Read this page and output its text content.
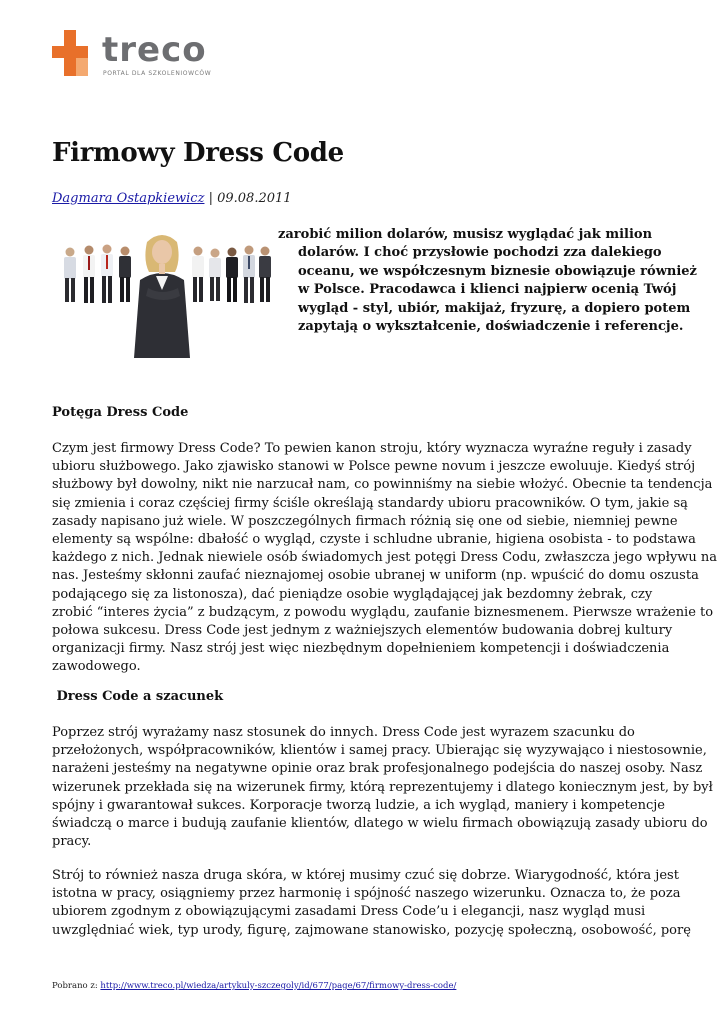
treco
PORTAL DLA SZKOLENIOWCÓW
Firmowy Dress Code
Dagmara Ostapkiewicz | 09.08.2011
zarobić milion dolarów, musisz wyglądać jak milion
dolarów. I choć przysłowie pochodzi zza dalekiego
oceanu, we współczesnym biznesie obowiązuje również
w Polsce. Pracodawca i klienci najpierw ocenią Twój
wygląd - styl, ubiór, makijaż, fryzurę, a dopiero potem
zapytają o wykształcenie, doświadczenie i referencje.
Potęga Dress Code
Czym jest firmowy Dress Code? To pewien kanon stroju, który wyznacza wyraźne reguły i zasady
ubioru służbowego. Jako zjawisko stanowi w Polsce pewne novum i jeszcze ewoluuje. Kiedyś strój
służbowy był dowolny, nikt nie narzucał nam, co powinniśmy na siebie włożyć. Obecnie ta tendencja
się zmienia i coraz częściej firmy ściśle określają standardy ubioru pracowników. O tym, jakie są
zasady napisano już wiele. W poszczególnych firmach różnią się one od siebie, niemniej pewne
elementy są wspólne: dbałość o wygląd, czyste i schludne ubranie, higiena osobista - to podstawa
każdego z nich. Jednak niewiele osób świadomych jest potęgi Dress Codu, zwłaszcza jego wpływu na
nas. Jesteśmy skłonni zaufać nieznajomej osobie ubranej w uniform (np. wpuścić do domu oszusta
podającego się za listonosza), dać pieniądze osobie wyglądającej jak bezdomny żebrak, czy
zrobić “interes życia” z budzącym, z powodu wyglądu, zaufanie biznesmenem. Pierwsze wrażenie to
połowa sukcesu. Dress Code jest jednym z ważniejszych elementów budowania dobrej kultury
organizacji firmy. Nasz strój jest więc niezbędnym dopełnieniem kompetencji i doświadczenia
zawodowego.
Dress Code a szacunek
Poprzez strój wyrażamy nasz stosunek do innych. Dress Code jest wyrazem szacunku do
przełożonych, współpracowników, klientów i samej pracy. Ubierając się wyzywająco i niestosownie,
narażeni jesteśmy na negatywne opinie oraz brak profesjonalnego podejścia do naszej osoby. Nasz
wizerunek przekłada się na wizerunek firmy, którą reprezentujemy i dlatego koniecznym jest, by był
spójny i gwarantował sukces. Korporacje tworzą ludzie, a ich wygląd, maniery i kompetencje
świadczą o marce i budują zaufanie klientów, dlatego w wielu firmach obowiązują zasady ubioru do
pracy.
Strój to również nasza druga skóra, w której musimy czuć się dobrze. Wiarygodność, która jest
istotna w pracy, osiągniemy przez harmonię i spójność naszego wizerunku. Oznacza to, że poza
ubiorem zgodnym z obowiązującymi zasadami Dress Code’u i elegancji, nasz wygląd musi
uwzględniać wiek, typ urody, figurę, zajmowane stanowisko, pozycję społeczną, osobowość, porę
Pobrano z: http://www.treco.pl/wiedza/artykuly-szczegoly/id/677/page/67/firmowy-dress-code/
